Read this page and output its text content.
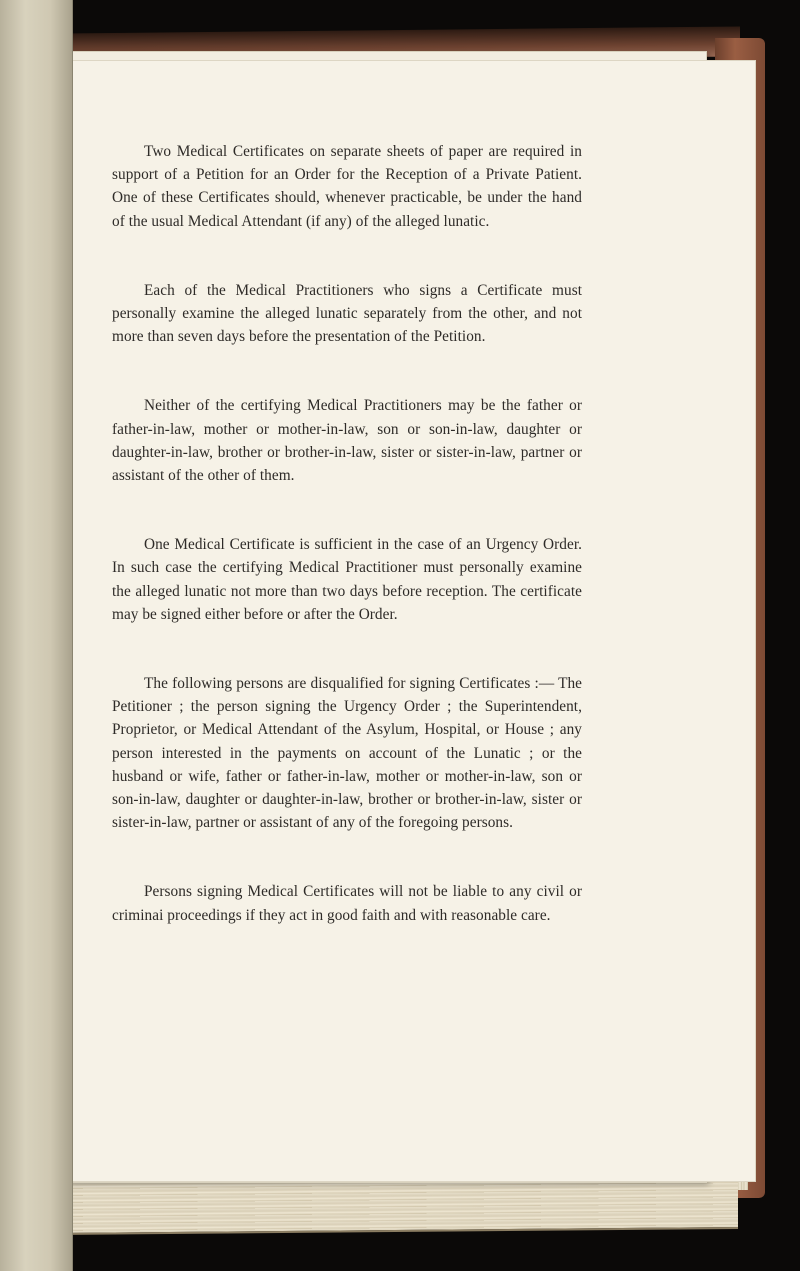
Two Medical Certificates on separate sheets of paper are required in support of a Petition for an Order for the Reception of a Private Patient. One of these Certificates should, whenever practicable, be under the hand of the usual Medical Attendant (if any) of the alleged lunatic.

Each of the Medical Practitioners who signs a Certificate must personally examine the alleged lunatic separately from the other, and not more than seven days before the presentation of the Petition.

Neither of the certifying Medical Practitioners may be the father or father-in-law, mother or mother-in-law, son or son-in-law, daughter or daughter-in-law, brother or brother-in-law, sister or sister-in-law, partner or assistant of the other of them.

One Medical Certificate is sufficient in the case of an Urgency Order. In such case the certifying Medical Practitioner must personally examine the alleged lunatic not more than two days before reception. The certificate may be signed either before or after the Order.

The following persons are disqualified for signing Certificates :— The Petitioner ; the person signing the Urgency Order ; the Superintendent, Proprietor, or Medical Attendant of the Asylum, Hospital, or House ; any person interested in the payments on account of the Lunatic ; or the husband or wife, father or father-in-law, mother or mother-in-law, son or son-in-law, daughter or daughter-in-law, brother or brother-in-law, sister or sister-in-law, partner or assistant of any of the foregoing persons.

Persons signing Medical Certificates will not be liable to any civil or criminai proceedings if they act in good faith and with reasonable care.
